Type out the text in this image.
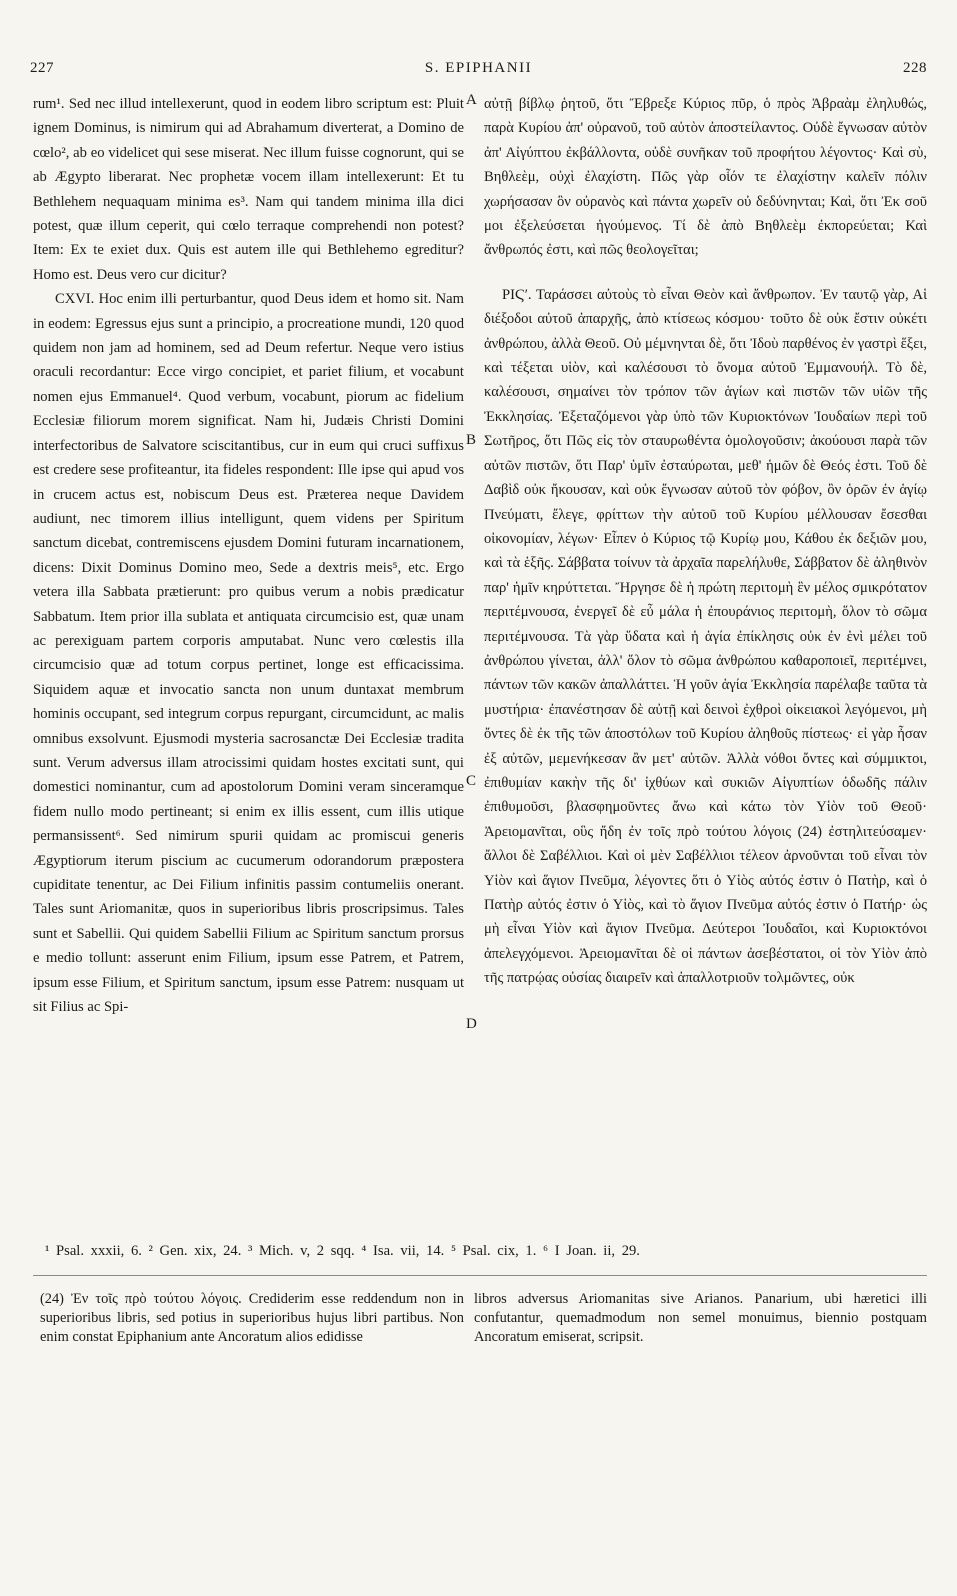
227	S. EPIPHANII	228
A
B
C
D

rum¹. Sed nec illud intellexerunt, quod in eodem libro scriptum est: Pluit ignem Dominus, is nimirum qui ad Abrahamum diverterat, a Domino de cœlo², ab eo videlicet qui sese miserat. Nec illum fuisse cognorunt, qui se ab Ægypto liberarat. Nec prophetæ vocem illam intellexerunt: Et tu Bethlehem nequaquam minima es³. Nam qui tandem minima illa dici potest, quæ illum ceperit, qui cœlo terraque comprehendi non potest? Item: Ex te exiet dux. Quis est autem ille qui Bethlehemo egreditur? Homo est. Deus vero cur dicitur?

CXVI. Hoc enim illi perturbantur, quod Deus idem et homo sit. Nam in eodem: Egressus ejus sunt a principio, a procreatione mundi, 120 quod quidem non jam ad hominem, sed ad Deum refertur. Neque vero istius oraculi recordantur: Ecce virgo concipiet, et pariet filium, et vocabunt nomen ejus Emmanuel⁴. Quod verbum, vocabunt, piorum ac fidelium Ecclesiæ filiorum morem significat. Nam hi, Judæis Christi Domini interfectoribus de Salvatore sciscitantibus, cur in eum qui cruci suffixus est credere sese profiteantur, ita fideles respondent: Ille ipse qui apud vos in crucem actus est, nobiscum Deus est. Præterea neque Davidem audiunt, nec timorem illius intelligunt, quem videns per Spiritum sanctum dicebat, contremiscens ejusdem Domini futuram incarnationem, dicens: Dixit Dominus Domino meo, Sede a dextris meis⁵, etc. Ergo vetera illa Sabbata prætierunt: pro quibus verum a nobis prædicatur Sabbatum. Item prior illa sublata et antiquata circumcisio est, quæ unam ac perexiguam partem corporis amputabat. Nunc vero cœlestis illa circumcisio quæ ad totum corpus pertinet, longe est efficacissima. Siquidem aquæ et invocatio sancta non unum duntaxat membrum hominis occupant, sed integrum corpus repurgant, circumcidunt, ac malis omnibus exsolvunt. Ejusmodi mysteria sacrosanctæ Dei Ecclesiæ tradita sunt. Verum adversus illam atrocissimi quidam hostes excitati sunt, qui domestici nominantur, cum ad apostolorum Domini veram sinceramque fidem nullo modo pertineant; si enim ex illis essent, cum illis utique permansissent⁶. Sed nimirum spurii quidam ac promiscui generis Ægyptiorum iterum piscium ac cucumerum odorandorum præpostera cupiditate tenentur, ac Dei Filium infinitis passim contumeliis onerant. Tales sunt Ariomanitæ, quos in superioribus libris proscripsimus. Tales sunt et Sabellii. Qui quidem Sabellii Filium ac Spiritum sanctum prorsus e medio tollunt: asserunt enim Filium, ipsum esse Patrem, et Patrem, ipsum esse Filium, et Spiritum sanctum, ipsum esse Patrem: nusquam ut sit Filius ac Spi-

αὐτῇ βίβλῳ ῥητοῦ, ὅτι Ἔβρεξε Κύριος πῦρ, ὁ πρὸς Ἀβραὰμ ἐληλυθώς, παρὰ Κυρίου ἀπ' οὐρανοῦ, τοῦ αὐτὸν ἀποστείλαντος. Οὐδὲ ἔγνωσαν αὐτὸν ἀπ' Αἰγύπτου ἐκβάλλοντα, οὐδὲ συνῆκαν τοῦ προφήτου λέγοντος· Καὶ σὺ, Βηθλεὲμ, οὐχὶ ἐλαχίστη. Πῶς γὰρ οἷόν τε ἐλαχίστην καλεῖν πόλιν χωρήσασαν ὃν οὐρανὸς καὶ πάντα χωρεῖν οὐ δεδύνηνται; Καὶ, ὅτι Ἐκ σοῦ μοι ἐξελεύσεται ἡγούμενος. Τί δὲ ἀπὸ Βηθλεὲμ ἐκπορεύεται; Καὶ ἄνθρωπός ἐστι, καὶ πῶς θεολογεῖται;

ΡΙϚʹ. Ταράσσει αὐτοὺς τὸ εἶναι Θεὸν καὶ ἄνθρωπον. Ἐν ταυτῷ γὰρ, Αἱ διέξοδοι αὐτοῦ ἀπαρχῆς, ἀπὸ κτίσεως κόσμου· τοῦτο δὲ οὐκ ἔστιν οὐκέτι ἀνθρώπου, ἀλλὰ Θεοῦ. Οὐ μέμνηνται δὲ, ὅτι Ἰδοὺ παρθένος ἐν γαστρὶ ἕξει, καὶ τέξεται υἱὸν, καὶ καλέσουσι τὸ ὄνομα αὐτοῦ Ἐμμανουήλ. Τὸ δὲ, καλέσουσι, σημαίνει τὸν τρόπον τῶν ἁγίων καὶ πιστῶν τῶν υἱῶν τῆς Ἐκκλησίας. Ἐξεταζόμενοι γὰρ ὑπὸ τῶν Κυριοκτόνων Ἰουδαίων περὶ τοῦ Σωτῆρος, ὅτι Πῶς εἰς τὸν σταυρωθέντα ὁμολογοῦσιν; ἀκούουσι παρὰ τῶν αὐτῶν πιστῶν, ὅτι Παρ' ὑμῖν ἐσταύρωται, μεθ' ἡμῶν δὲ Θεός ἐστι. Τοῦ δὲ Δαβὶδ οὐκ ἤκουσαν, καὶ οὐκ ἔγνωσαν αὐτοῦ τὸν φόβον, ὃν ὁρῶν ἐν ἁγίῳ Πνεύματι, ἔλεγε, φρίττων τὴν αὐτοῦ τοῦ Κυρίου μέλλουσαν ἔσεσθαι οἰκονομίαν, λέγων· Εἶπεν ὁ Κύριος τῷ Κυρίῳ μου, Κάθου ἐκ δεξιῶν μου, καὶ τὰ ἑξῆς. Σάββατα τοίνυν τὰ ἀρχαῖα παρελήλυθε, Σάββατον δὲ ἀληθινὸν παρ' ἡμῖν κηρύττεται. Ἤργησε δὲ ἡ πρώτη περιτομὴ ἓν μέλος σμικρότατον περιτέμνουσα, ἐνεργεῖ δὲ εὖ μάλα ἡ ἐπουράνιος περιτομὴ, ὅλον τὸ σῶμα περιτέμνουσα. Τὰ γὰρ ὕδατα καὶ ἡ ἁγία ἐπίκλησις οὐκ ἐν ἑνὶ μέλει τοῦ ἀνθρώπου γίνεται, ἀλλ' ὅλον τὸ σῶμα ἀνθρώπου καθαροποιεῖ, περιτέμνει, πάντων τῶν κακῶν ἀπαλλάττει. Ἡ γοῦν ἁγία Ἐκκλησία παρέλαβε ταῦτα τὰ μυστήρια· ἐπανέστησαν δὲ αὐτῇ καὶ δεινοὶ ἐχθροὶ οἰκειακοὶ λεγόμενοι, μὴ ὄντες δὲ ἐκ τῆς τῶν ἀποστόλων τοῦ Κυρίου ἀληθοῦς πίστεως· εἰ γὰρ ἦσαν ἐξ αὐτῶν, μεμενήκεσαν ἂν μετ' αὐτῶν. Ἀλλὰ νόθοι ὄντες καὶ σύμμικτοι, ἐπιθυμίαν κακὴν τῆς δι' ἰχθύων καὶ συκιῶν Αἰγυπτίων ὀδωδῆς πάλιν ἐπιθυμοῦσι, βλασφημοῦντες ἄνω καὶ κάτω τὸν Υἱὸν τοῦ Θεοῦ· Ἀρειομανῖται, οὓς ἤδη ἐν τοῖς πρὸ τούτου λόγοις (24) ἐστηλιτεύσαμεν· ἄλλοι δὲ Σαβέλλιοι. Καὶ οἱ μὲν Σαβέλλιοι τέλεον ἀρνοῦνται τοῦ εἶναι τὸν Υἱὸν καὶ ἅγιον Πνεῦμα, λέγοντες ὅτι ὁ Υἱὸς αὐτός ἐστιν ὁ Πατὴρ, καὶ ὁ Πατὴρ αὐτός ἐστιν ὁ Υἱὸς, καὶ τὸ ἅγιον Πνεῦμα αὐτός ἐστιν ὁ Πατήρ· ὡς μὴ εἶναι Υἱὸν καὶ ἅγιον Πνεῦμα. Δεύτεροι Ἰουδαῖοι, καὶ Κυριοκτόνοι ἀπελεγχόμενοι. Ἀρειομανῖται δὲ οἱ πάντων ἀσεβέστατοι, οἱ τὸν Υἱὸν ἀπὸ τῆς πατρῴας οὐσίας διαιρεῖν καὶ ἀπαλλοτριοῦν τολμῶντες, οὐκ

¹ Psal. xxxii, 6. ² Gen. xix, 24. ³ Mich. v, 2 sqq. ⁴ Isa. vii, 14. ⁵ Psal. cix, 1. ⁶ I Joan. ii, 29.

(24) Ἐν τοῖς πρὸ τούτου λόγοις. Crediderim esse reddendum non in superioribus libris, sed potius in superioribus hujus libri partibus. Non enim constat Epiphanium ante Ancoratum alios edidisse

libros adversus Ariomanitas sive Arianos. Panarium, ubi hæretici illi confutantur, quemadmodum non semel monuimus, biennio postquam Ancoratum emiserat, scripsit.
